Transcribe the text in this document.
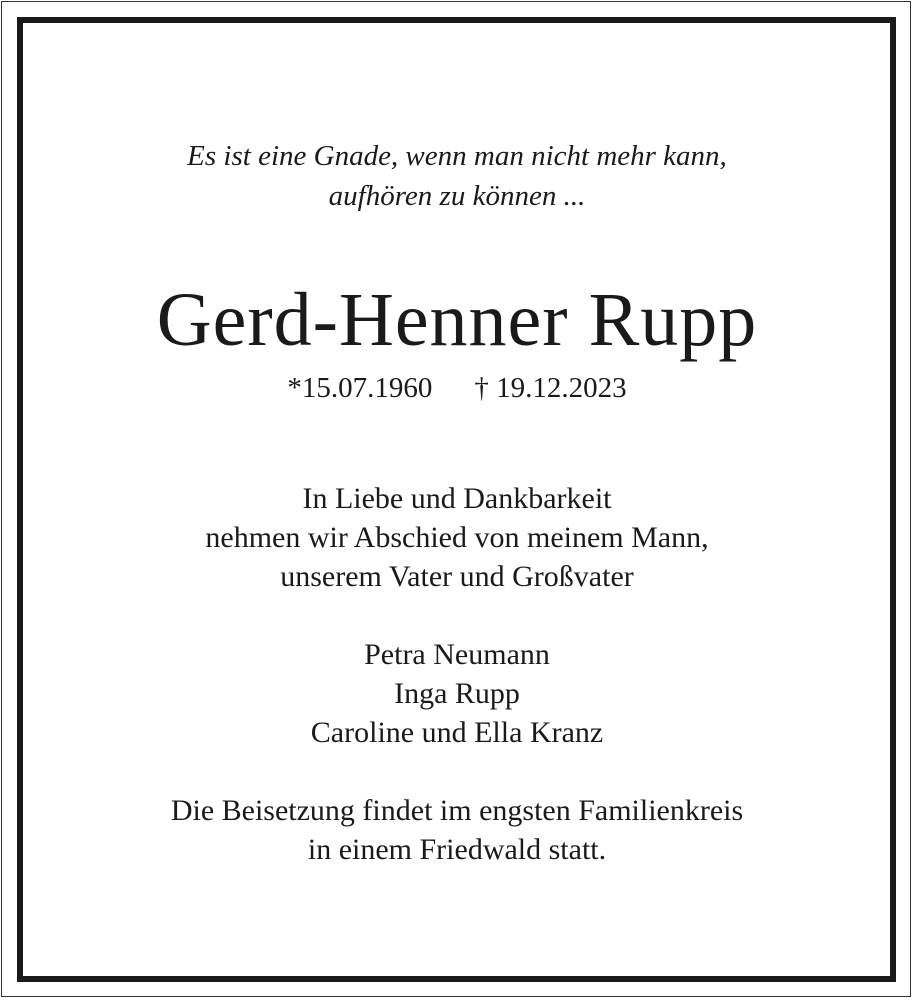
Es ist eine Gnade, wenn man nicht mehr kann,
aufhören zu können ...
Gerd-Henner Rupp
*15.07.1960 † 19.12.2023
In Liebe und Dankbarkeit
nehmen wir Abschied von meinem Mann,
unserem Vater und Großvater
Petra Neumann
Inga Rupp
Caroline und Ella Kranz
Die Beisetzung findet im engsten Familienkreis
in einem Friedwald statt.
